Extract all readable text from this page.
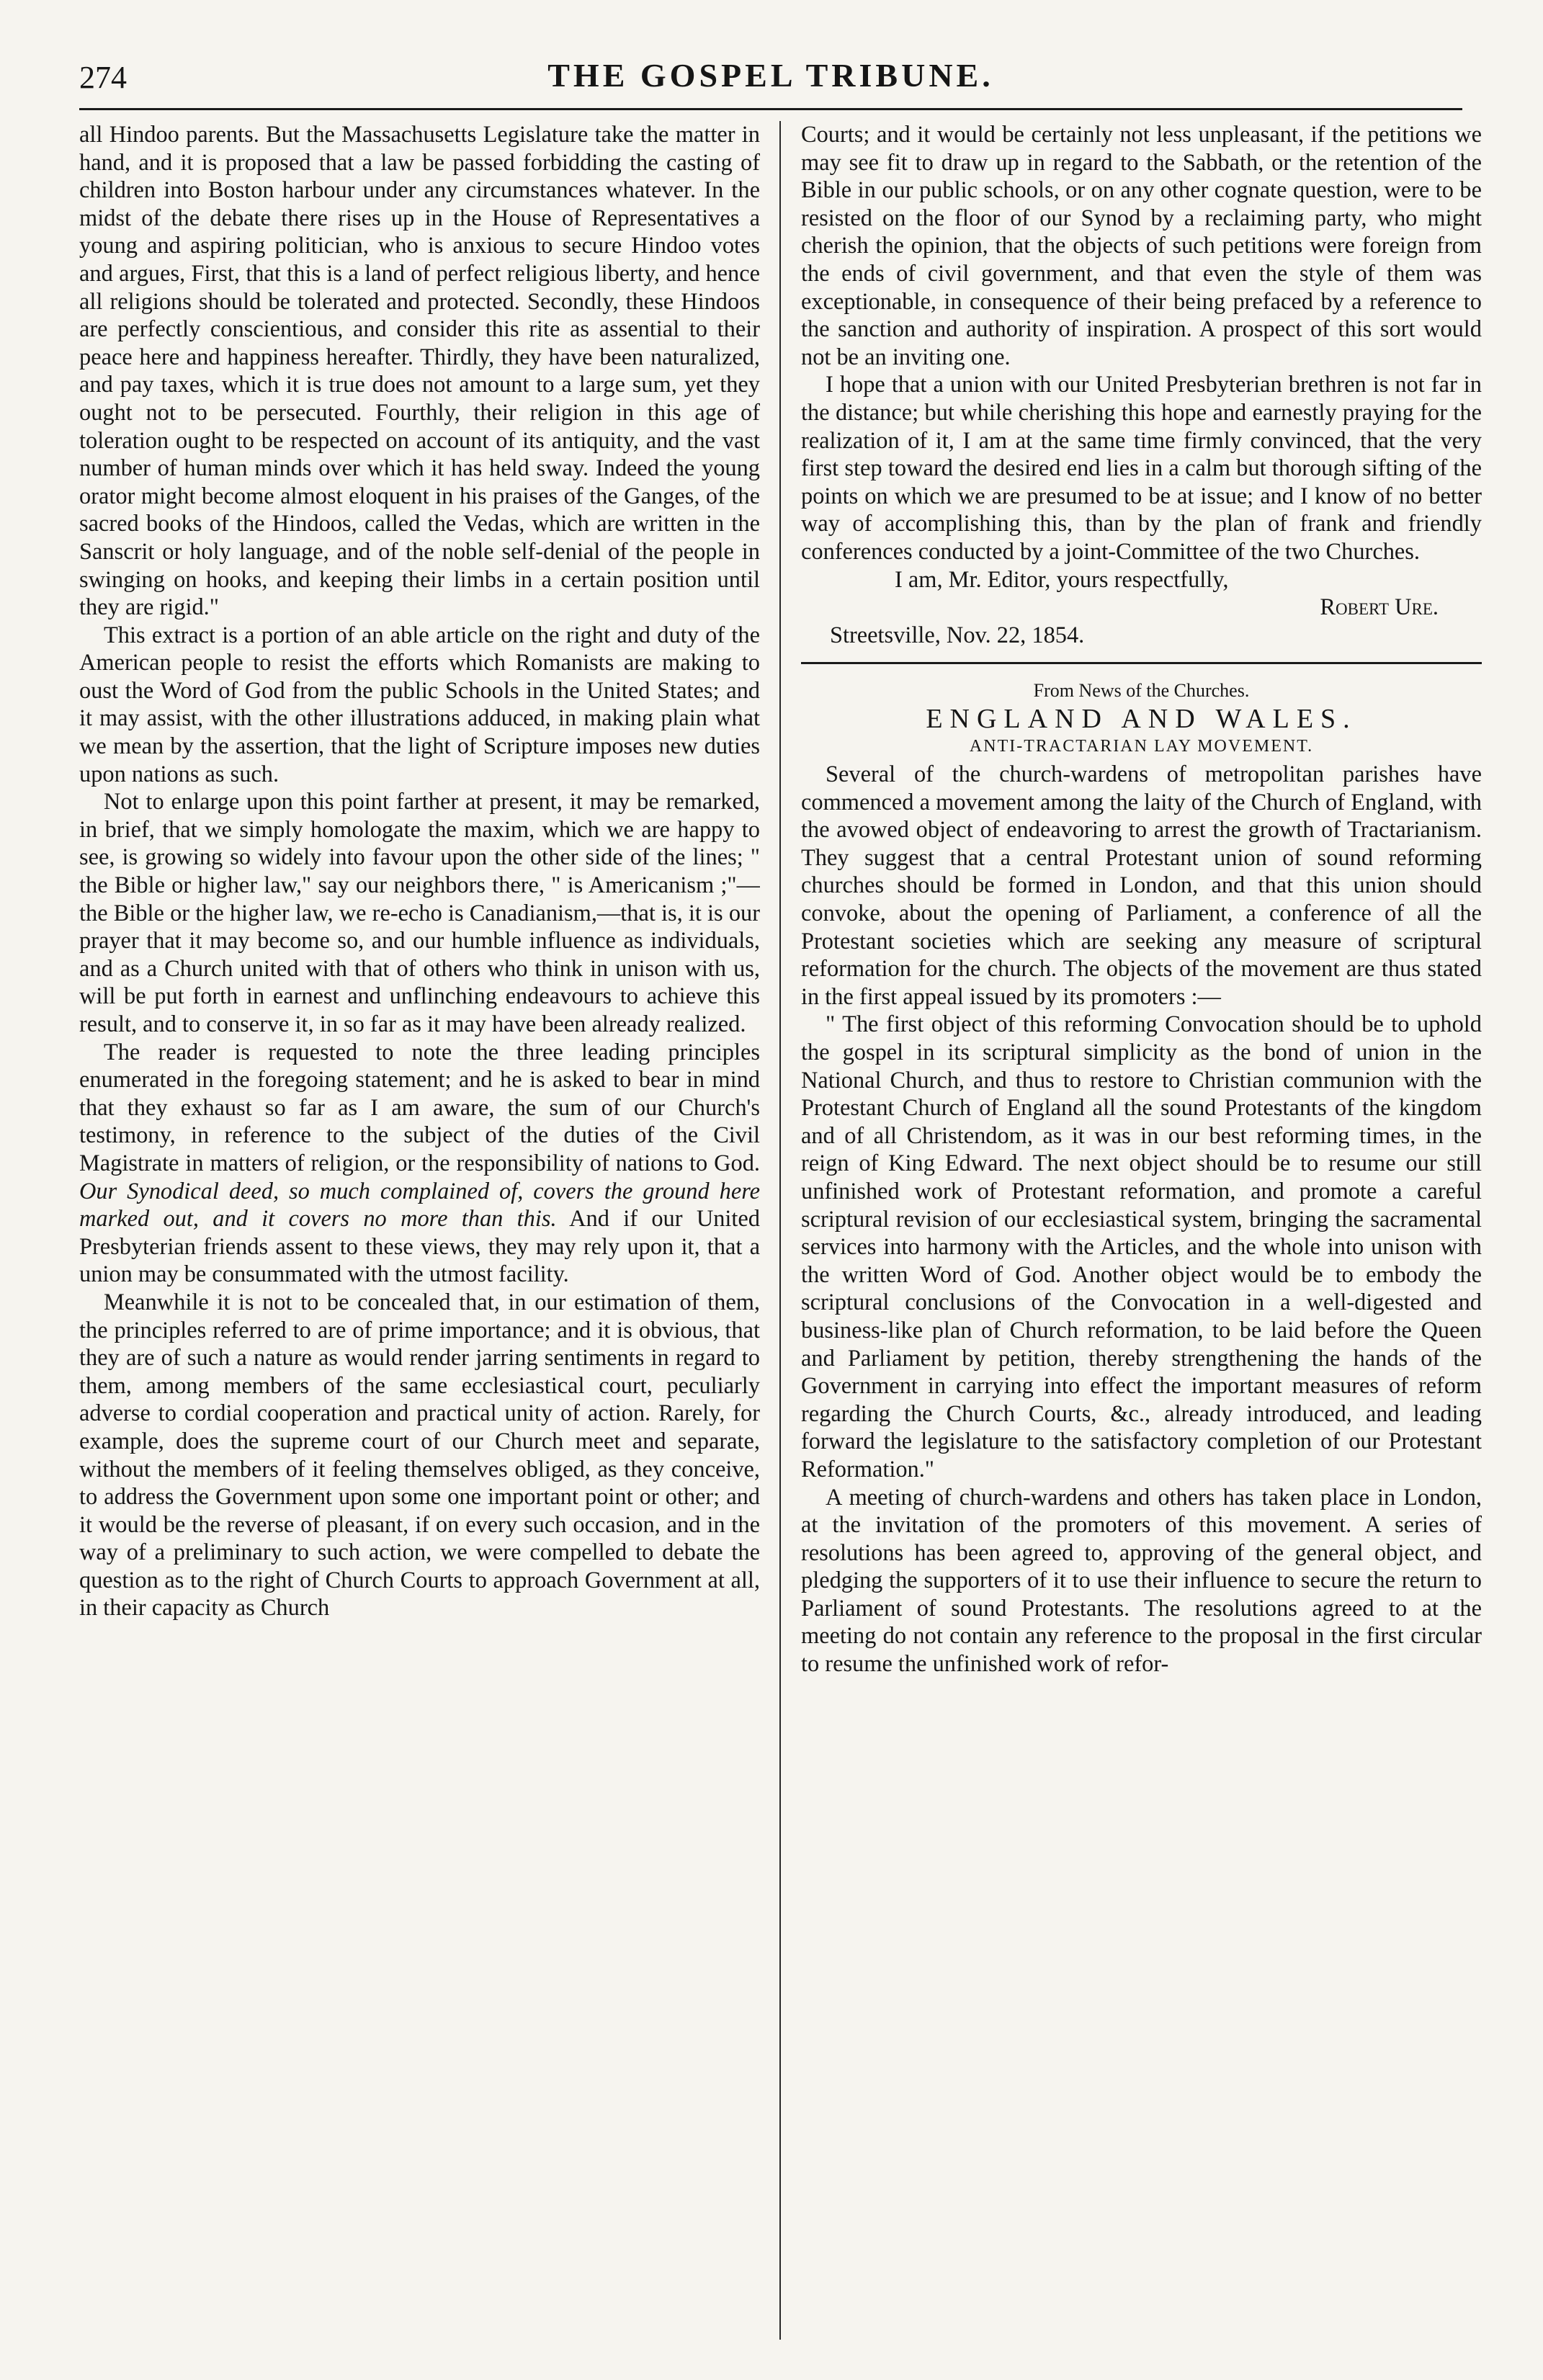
274	THE GOSPEL TRIBUNE.

all Hindoo parents. But the Massachusetts Legislature take the matter in hand, and it is proposed that a law be passed forbidding the casting of children into Boston harbour under any circumstances whatever. In the midst of the debate there rises up in the House of Representatives a young and aspiring politician, who is anxious to secure Hindoo votes and argues, First, that this is a land of perfect religious liberty, and hence all religions should be tolerated and protected. Secondly, these Hindoos are perfectly conscientious, and consider this rite as assential to their peace here and happiness hereafter. Thirdly, they have been naturalized, and pay taxes, which it is true does not amount to a large sum, yet they ought not to be persecuted. Fourthly, their religion in this age of toleration ought to be respected on account of its antiquity, and the vast number of human minds over which it has held sway. Indeed the young orator might become almost eloquent in his praises of the Ganges, of the sacred books of the Hindoos, called the Vedas, which are written in the Sanscrit or holy language, and of the noble self-denial of the people in swinging on hooks, and keeping their limbs in a certain position until they are rigid."

This extract is a portion of an able article on the right and duty of the American people to resist the efforts which Romanists are making to oust the Word of God from the public Schools in the United States; and it may assist, with the other illustrations adduced, in making plain what we mean by the assertion, that the light of Scripture imposes new duties upon nations as such.

Not to enlarge upon this point farther at present, it may be remarked, in brief, that we simply homologate the maxim, which we are happy to see, is growing so widely into favour upon the other side of the lines; " the Bible or higher law," say our neighbors there, " is Americanism ;"—the Bible or the higher law, we re-echo is Canadianism,—that is, it is our prayer that it may become so, and our humble influence as individuals, and as a Church united with that of others who think in unison with us, will be put forth in earnest and unflinching endeavours to achieve this result, and to conserve it, in so far as it may have been already realized.

The reader is requested to note the three leading principles enumerated in the foregoing statement; and he is asked to bear in mind that they exhaust so far as I am aware, the sum of our Church's testimony, in reference to the subject of the duties of the Civil Magistrate in matters of religion, or the responsibility of nations to God. Our Synodical deed, so much complained of, covers the ground here marked out, and it covers no more than this. And if our United Presbyterian friends assent to these views, they may rely upon it, that a union may be consummated with the utmost facility.

Meanwhile it is not to be concealed that, in our estimation of them, the principles referred to are of prime importance; and it is obvious, that they are of such a nature as would render jarring sentiments in regard to them, among members of the same ecclesiastical court, peculiarly adverse to cordial cooperation and practical unity of action. Rarely, for example, does the supreme court of our Church meet and separate, without the members of it feeling themselves obliged, as they conceive, to address the Government upon some one important point or other; and it would be the reverse of pleasant, if on every such occasion, and in the way of a preliminary to such action, we were compelled to debate the question as to the right of Church Courts to approach Government at all, in their capacity as Church

Courts; and it would be certainly not less unpleasant, if the petitions we may see fit to draw up in regard to the Sabbath, or the retention of the Bible in our public schools, or on any other cognate question, were to be resisted on the floor of our Synod by a reclaiming party, who might cherish the opinion, that the objects of such petitions were foreign from the ends of civil government, and that even the style of them was exceptionable, in consequence of their being prefaced by a reference to the sanction and authority of inspiration. A prospect of this sort would not be an inviting one.

I hope that a union with our United Presbyterian brethren is not far in the distance; but while cherishing this hope and earnestly praying for the realization of it, I am at the same time firmly convinced, that the very first step toward the desired end lies in a calm but thorough sifting of the points on which we are presumed to be at issue; and I know of no better way of accomplishing this, than by the plan of frank and friendly conferences conducted by a joint-Committee of the two Churches.

I am, Mr. Editor, yours respectfully,

Robert Ure.

Streetsville, Nov. 22, 1854.

From News of the Churches.

ENGLAND AND WALES.

ANTI-TRACTARIAN LAY MOVEMENT.

Several of the church-wardens of metropolitan parishes have commenced a movement among the laity of the Church of England, with the avowed object of endeavoring to arrest the growth of Tractarianism. They suggest that a central Protestant union of sound reforming churches should be formed in London, and that this union should convoke, about the opening of Parliament, a conference of all the Protestant societies which are seeking any measure of scriptural reformation for the church. The objects of the movement are thus stated in the first appeal issued by its promoters :—

" The first object of this reforming Convocation should be to uphold the gospel in its scriptural simplicity as the bond of union in the National Church, and thus to restore to Christian communion with the Protestant Church of England all the sound Protestants of the kingdom and of all Christendom, as it was in our best reforming times, in the reign of King Edward. The next object should be to resume our still unfinished work of Protestant reformation, and promote a careful scriptural revision of our ecclesiastical system, bringing the sacramental services into harmony with the Articles, and the whole into unison with the written Word of God. Another object would be to embody the scriptural conclusions of the Convocation in a well-digested and business-like plan of Church reformation, to be laid before the Queen and Parliament by petition, thereby strengthening the hands of the Government in carrying into effect the important measures of reform regarding the Church Courts, &c., already introduced, and leading forward the legislature to the satisfactory completion of our Protestant Reformation."

A meeting of church-wardens and others has taken place in London, at the invitation of the promoters of this movement. A series of resolutions has been agreed to, approving of the general object, and pledging the supporters of it to use their influence to secure the return to Parliament of sound Protestants. The resolutions agreed to at the meeting do not contain any reference to the proposal in the first circular to resume the unfinished work of refor-
